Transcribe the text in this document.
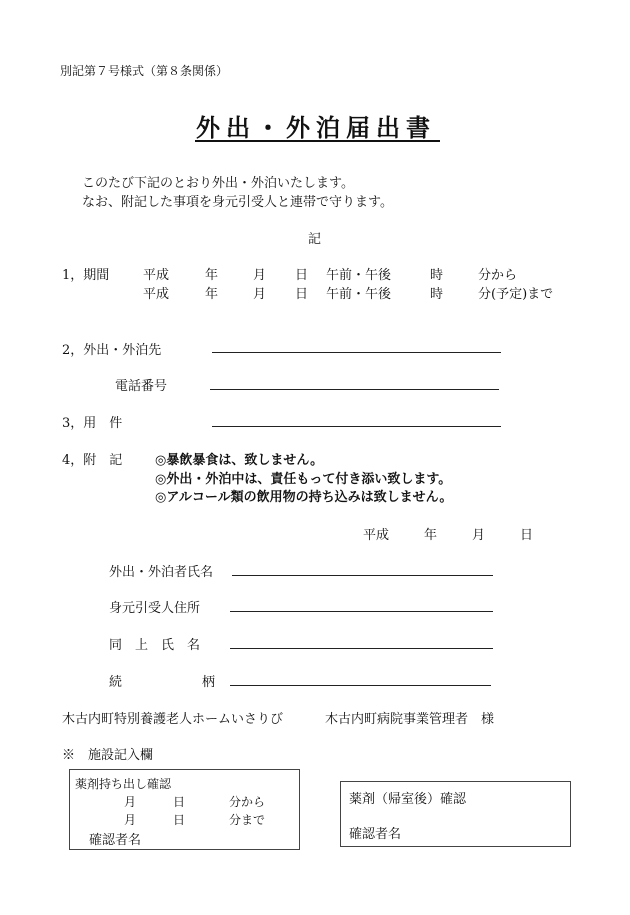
別記第７号様式（第８条関係）
外出・外泊届出書
このたび下記のとおり外出・外泊いたします。
なお、附記した事項を身元引受人と連帯で守ります。
記
1，期間	平成	年	月 日 午前・午後	時	分から
平成	年	月 日 午前・午後	時	分(予定)まで
2，外出・外泊先
電話番号
3，用　件
4，附　記	◎暴飲暴食は、致しません。
◎外出・外泊中は、責任もって付き添い致します。
◎アルコール類の飲用物の持ち込みは致しません。
平成	年	月	日
外出・外泊者氏名
身元引受人住所
同　上　氏　名
続	柄
木古内町特別養護老人ホームいさりび	木古内町病院事業管理者　様
※　施設記入欄
薬剤持ち出し確認
月	日	分から
月	日	分まで
確認者名
薬剤（帰室後）確認
確認者名
